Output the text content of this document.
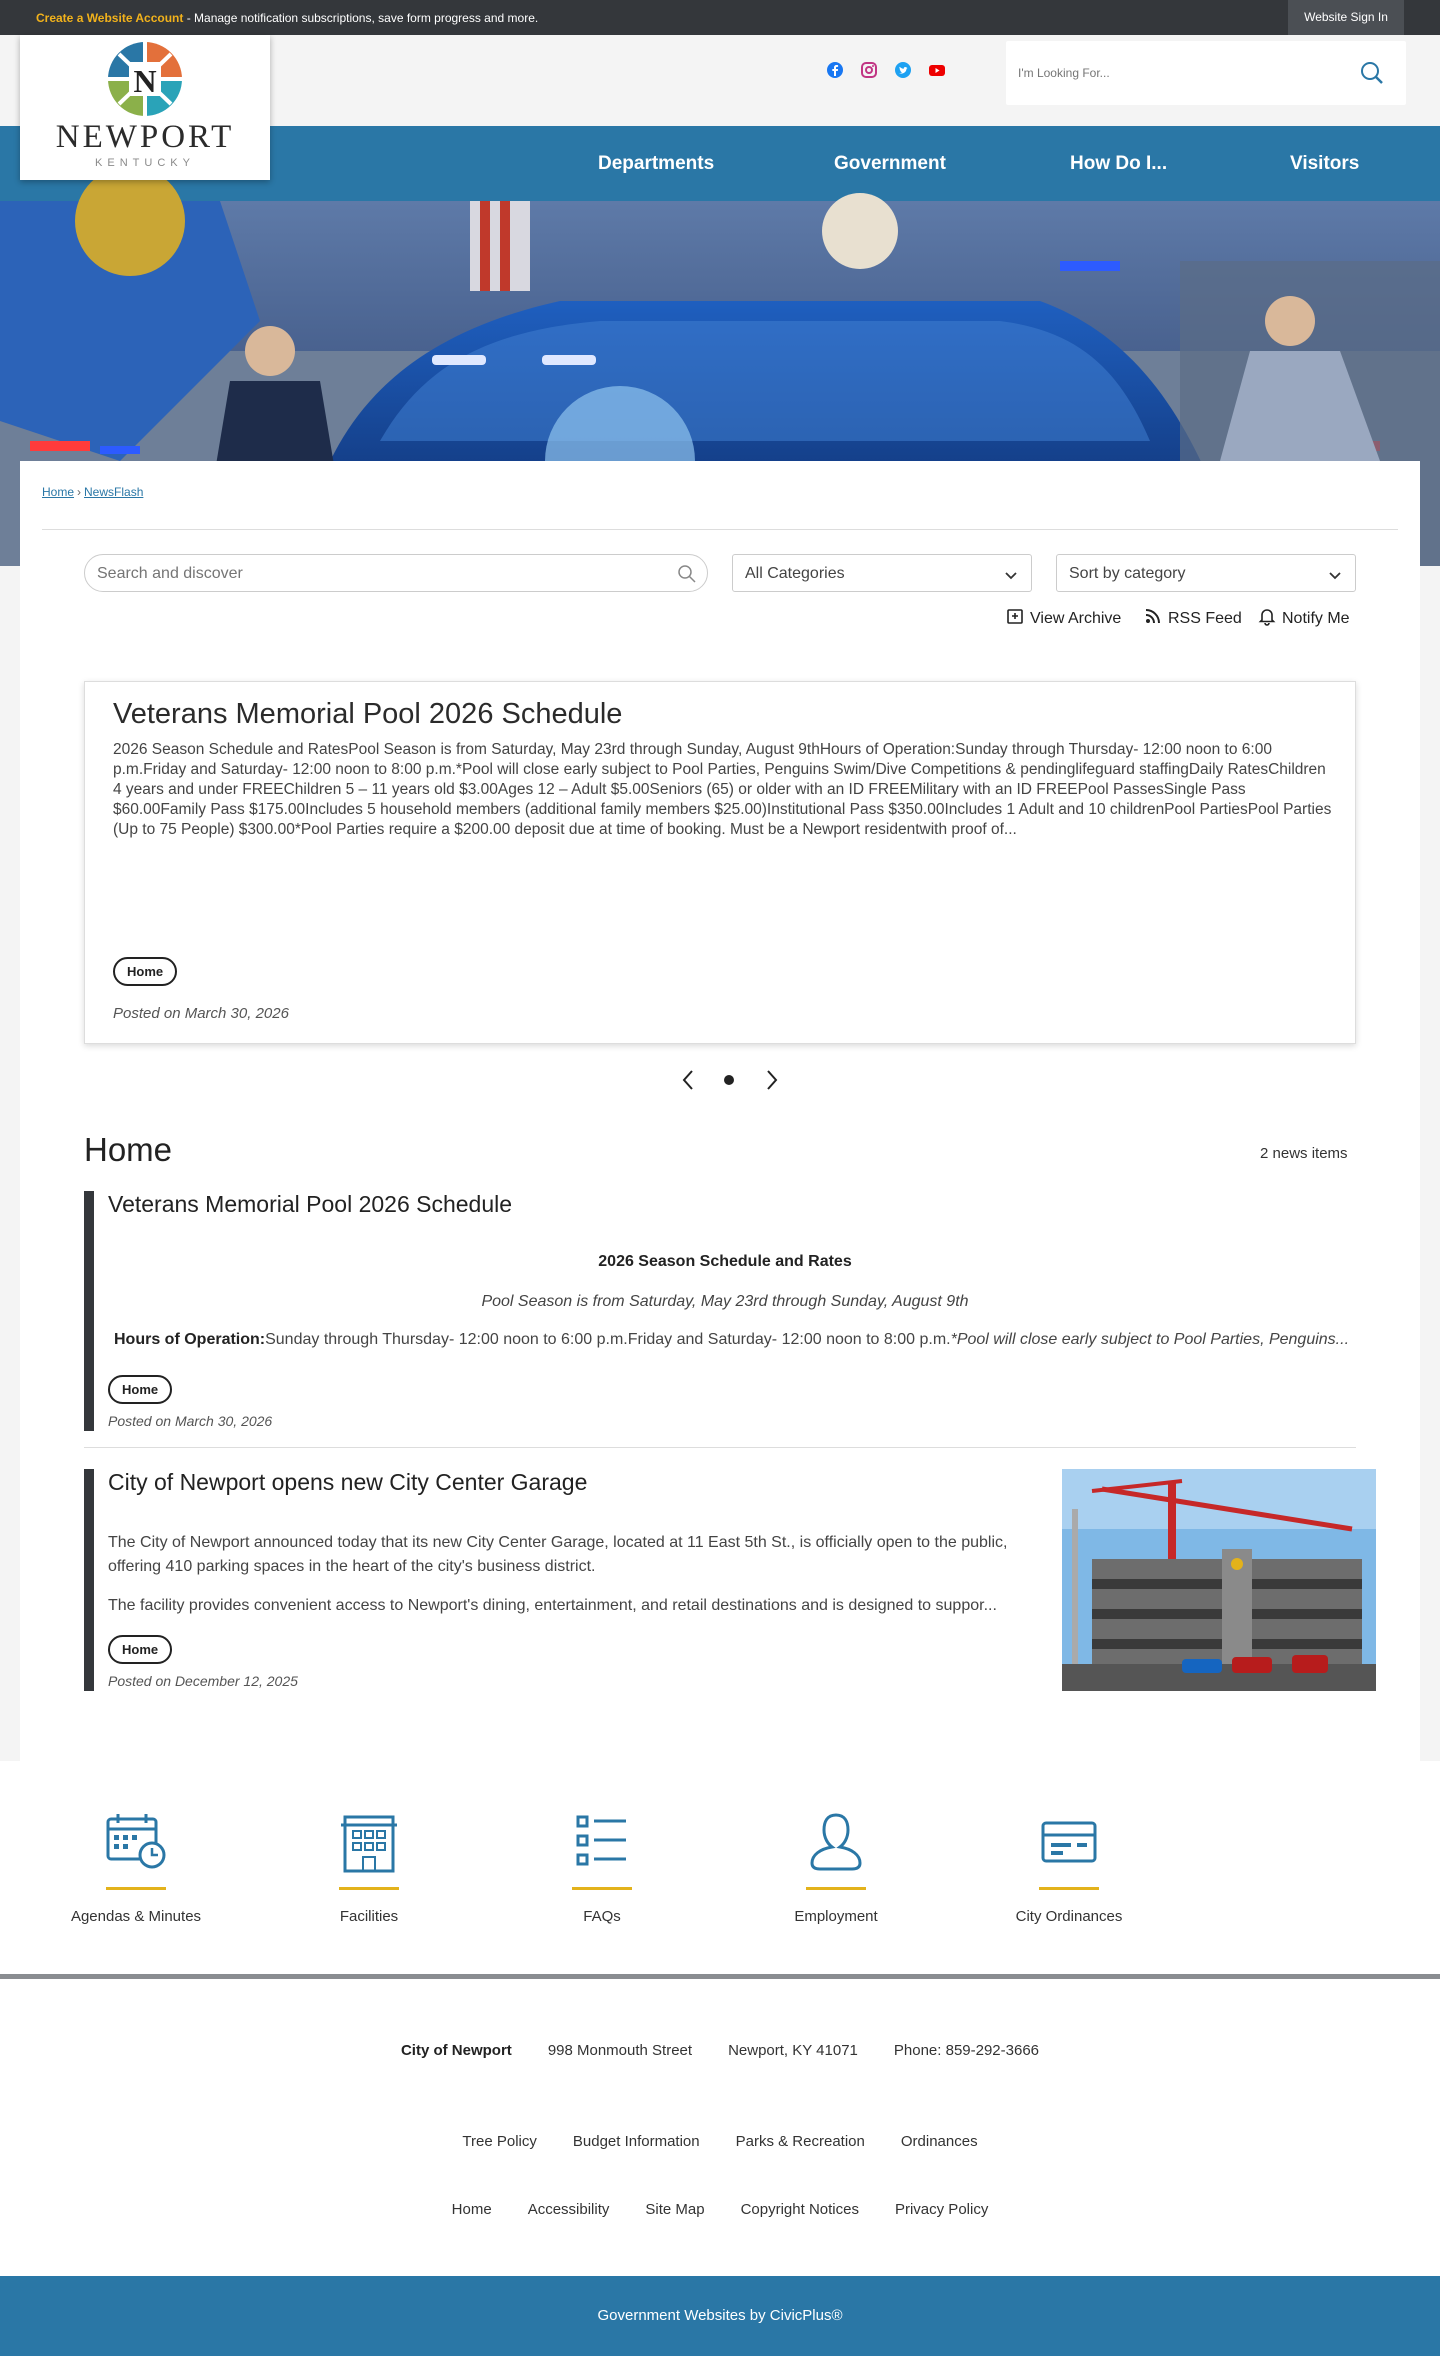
Create a Website Account - Manage notification subscriptions, save form progress and more.	Website Sign In
N
NEWPORT
KENTUCKY
I'm Looking For...	Departments	Government	How Do I...	Visitors
Home › NewsFlash
Search and discover
All Categories	Sort by category
View Archive	RSS Feed	Notify Me
Veterans Memorial Pool 2026 Schedule
2026 Season Schedule and RatesPool Season is from Saturday, May 23rd through Sunday, August 9thHours of Operation:Sunday through Thursday- 12:00 noon to 6:00 p.m.Friday and Saturday- 12:00 noon to 8:00 p.m.*Pool will close early subject to Pool Parties, Penguins Swim/Dive Competitions & pendinglifeguard staffingDaily RatesChildren 4 years and under FREEChildren 5 – 11 years old $3.00Ages 12 – Adult $5.00Seniors (65) or older with an ID FREEMilitary with an ID FREEPool PassesSingle Pass $60.00Family Pass $175.00Includes 5 household members (additional family members $25.00)Institutional Pass $350.00Includes 1 Adult and 10 childrenPool PartiesPool Parties (Up to 75 People) $300.00*Pool Parties require a $200.00 deposit due at time of booking. Must be a Newport residentwith proof of...
Home
Posted on March 30, 2026
Home	2 news items
Veterans Memorial Pool 2026 Schedule
2026 Season Schedule and Rates
Pool Season is from Saturday, May 23rd through Sunday, August 9th
Hours of Operation:Sunday through Thursday- 12:00 noon to 6:00 p.m.Friday and Saturday- 12:00 noon to 8:00 p.m.*Pool will close early subject to Pool Parties, Penguins...
Home
Posted on March 30, 2026
City of Newport opens new City Center Garage
The City of Newport announced today that its new City Center Garage, located at 11 East 5th St., is officially open to the public, offering 410 parking spaces in the heart of the city's business district.
The facility provides convenient access to Newport's dining, entertainment, and retail destinations and is designed to suppor...
Home
Posted on December 12, 2025
Agendas & Minutes	Facilities	FAQs	Employment	City Ordinances
City of Newport 998 Monmouth Street Newport, KY 41071 Phone: 859-292-3666
Tree Policy Budget Information Parks & Recreation Ordinances
Home Accessibility Site Map Copyright Notices Privacy Policy
Government Websites by CivicPlus®
